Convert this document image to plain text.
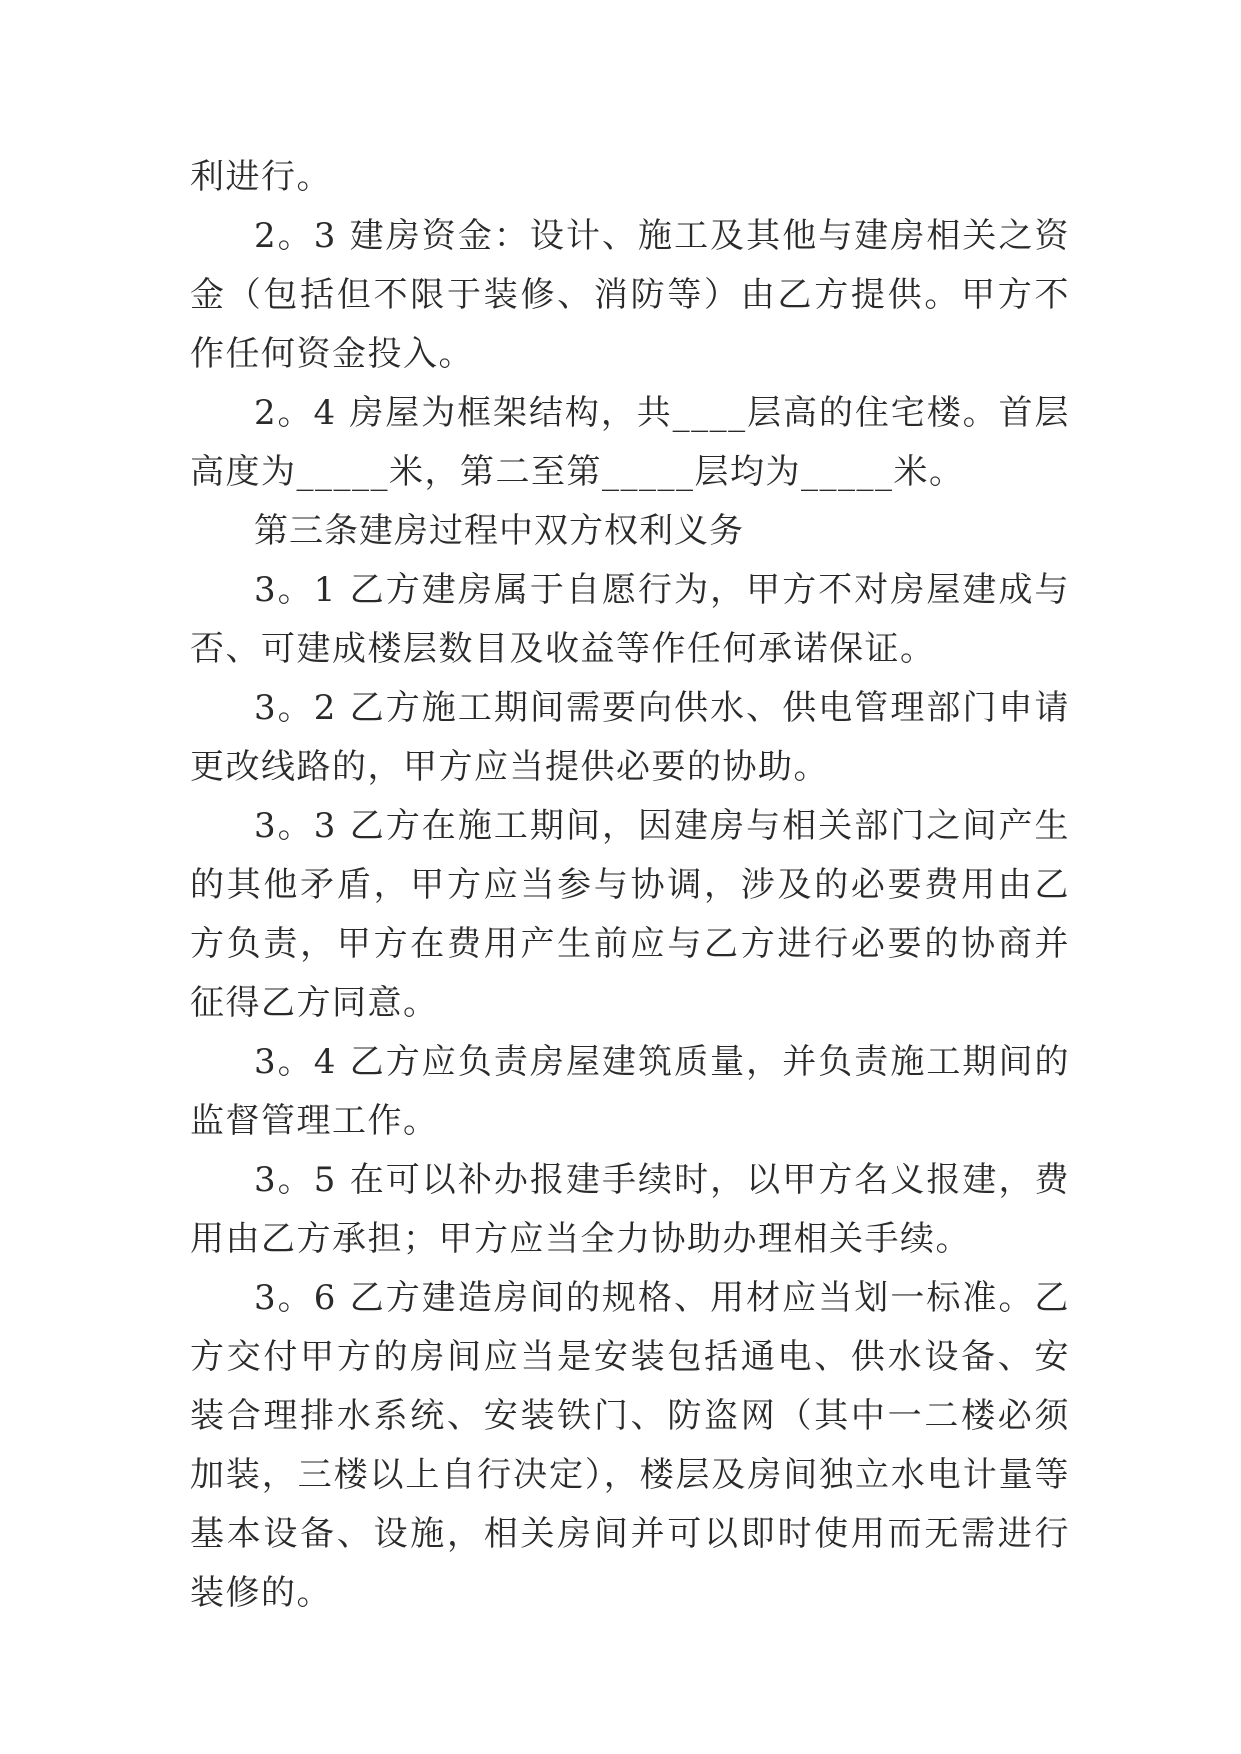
利进行。

2。3 建房资金：设计、施工及其他与建房相关之资金（包括但不限于装修、消防等）由乙方提供。甲方不作任何资金投入。

2。4 房屋为框架结构，共____层高的住宅楼。首层高度为_____米，第二至第_____层均为_____米。

第三条建房过程中双方权利义务

3。1 乙方建房属于自愿行为，甲方不对房屋建成与否、可建成楼层数目及收益等作任何承诺保证。

3。2 乙方施工期间需要向供水、供电管理部门申请更改线路的，甲方应当提供必要的协助。

3。3 乙方在施工期间，因建房与相关部门之间产生的其他矛盾，甲方应当参与协调，涉及的必要费用由乙方负责，甲方在费用产生前应与乙方进行必要的协商并征得乙方同意。

3。4 乙方应负责房屋建筑质量，并负责施工期间的监督管理工作。

3。5 在可以补办报建手续时，以甲方名义报建，费用由乙方承担；甲方应当全力协助办理相关手续。

3。6 乙方建造房间的规格、用材应当划一标准。乙方交付甲方的房间应当是安装包括通电、供水设备、安装合理排水系统、安装铁门、防盗网（其中一二楼必须加装，三楼以上自行决定），楼层及房间独立水电计量等基本设备、设施，相关房间并可以即时使用而无需进行装修的。
